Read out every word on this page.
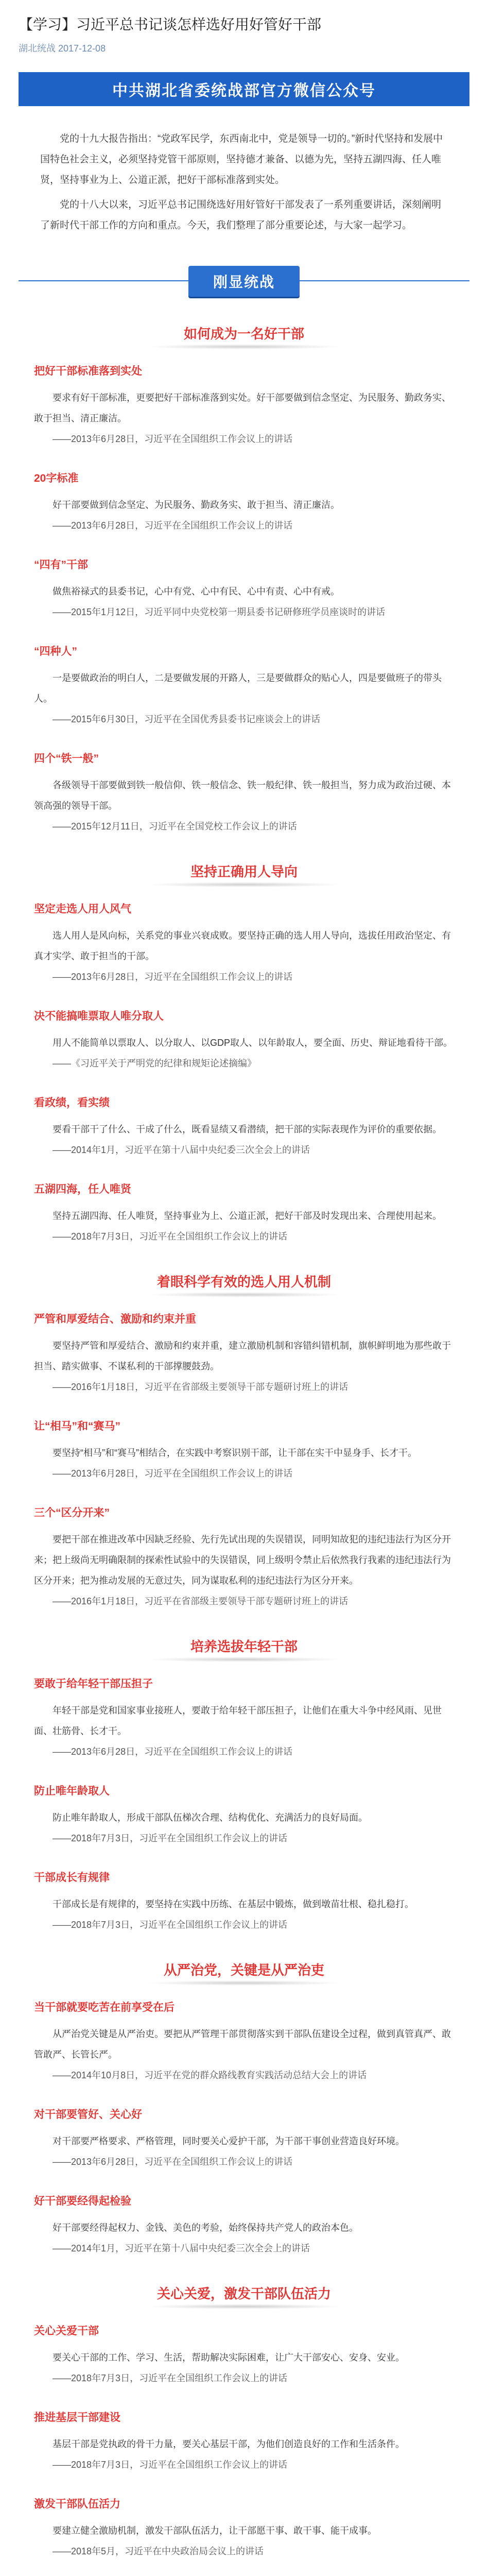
【学习】习近平总书记谈怎样选好用好管好干部
湖北统战 2017-12-08
中共湖北省委统战部官方微信公众号

党的十九大报告指出：“党政军民学，东西南北中，党是领导一切的。”新时代坚持和发展中国特色社会主义，必须坚持党管干部原则，坚持德才兼备、以德为先，坚持五湖四海、任人唯贤，坚持事业为上、公道正派，把好干部标准落到实处。

党的十八大以来，习近平总书记围绕选好用好管好干部发表了一系列重要讲话，深刻阐明了新时代干部工作的方向和重点。今天，我们整理了部分重要论述，与大家一起学习。

刚显统战
如何成为一名好干部
把好干部标准落到实处

要求有好干部标准，更要把好干部标准落到实处。好干部要做到信念坚定、为民服务、勤政务实、敢于担当、清正廉洁。

——2013年6月28日，习近平在全国组织工作会议上的讲话

20字标准

好干部要做到信念坚定、为民服务、勤政务实、敢于担当、清正廉洁。

——2013年6月28日，习近平在全国组织工作会议上的讲话

“四有”干部

做焦裕禄式的县委书记，心中有党、心中有民、心中有责、心中有戒。

——2015年1月12日，习近平同中央党校第一期县委书记研修班学员座谈时的讲话

“四种人”

一是要做政治的明白人，二是要做发展的开路人，三是要做群众的贴心人，四是要做班子的带头人。

——2015年6月30日，习近平在全国优秀县委书记座谈会上的讲话

四个“铁一般”

各级领导干部要做到铁一般信仰、铁一般信念、铁一般纪律、铁一般担当，努力成为政治过硬、本领高强的领导干部。

——2015年12月11日，习近平在全国党校工作会议上的讲话

坚持正确用人导向
坚定走选人用人风气

选人用人是风向标，关系党的事业兴衰成败。要坚持正确的选人用人导向，选拔任用政治坚定、有真才实学、敢于担当的干部。

——2013年6月28日，习近平在全国组织工作会议上的讲话

决不能搞唯票取人唯分取人

用人不能简单以票取人、以分取人、以GDP取人、以年龄取人，要全面、历史、辩证地看待干部。

——《习近平关于严明党的纪律和规矩论述摘编》

看政绩，看实绩

要看干部干了什么、干成了什么，既看显绩又看潜绩，把干部的实际表现作为评价的重要依据。

——2014年1月，习近平在第十八届中央纪委三次全会上的讲话

五湖四海，任人唯贤

坚持五湖四海、任人唯贤，坚持事业为上、公道正派，把好干部及时发现出来、合理使用起来。

——2018年7月3日，习近平在全国组织工作会议上的讲话

着眼科学有效的选人用人机制
严管和厚爱结合、激励和约束并重

要坚持严管和厚爱结合、激励和约束并重，建立激励机制和容错纠错机制，旗帜鲜明地为那些敢于担当、踏实做事、不谋私利的干部撑腰鼓劲。

——2016年1月18日，习近平在省部级主要领导干部专题研讨班上的讲话

让“相马”和“赛马”

要坚持“相马”和“赛马”相结合，在实践中考察识别干部，让干部在实干中显身手、长才干。

——2013年6月28日，习近平在全国组织工作会议上的讲话

三个“区分开来”

要把干部在推进改革中因缺乏经验、先行先试出现的失误错误，同明知故犯的违纪违法行为区分开来；把上级尚无明确限制的探索性试验中的失误错误，同上级明令禁止后依然我行我素的违纪违法行为区分开来；把为推动发展的无意过失，同为谋取私利的违纪违法行为区分开来。

——2016年1月18日，习近平在省部级主要领导干部专题研讨班上的讲话

培养选拔年轻干部
要敢于给年轻干部压担子

年轻干部是党和国家事业接班人，要敢于给年轻干部压担子，让他们在重大斗争中经风雨、见世面、壮筋骨、长才干。

——2013年6月28日，习近平在全国组织工作会议上的讲话

防止唯年龄取人

防止唯年龄取人，形成干部队伍梯次合理、结构优化、充满活力的良好局面。

——2018年7月3日，习近平在全国组织工作会议上的讲话

干部成长有规律

干部成长是有规律的，要坚持在实践中历练、在基层中锻炼，做到墩苗壮根、稳扎稳打。

——2018年7月3日，习近平在全国组织工作会议上的讲话

从严治党，关键是从严治吏
当干部就要吃苦在前享受在后

从严治党关键是从严治吏。要把从严管理干部贯彻落实到干部队伍建设全过程，做到真管真严、敢管敢严、长管长严。

——2014年10月8日，习近平在党的群众路线教育实践活动总结大会上的讲话

对干部要管好、关心好

对干部要严格要求、严格管理，同时要关心爱护干部，为干部干事创业营造良好环境。

——2013年6月28日，习近平在全国组织工作会议上的讲话

好干部要经得起检验

好干部要经得起权力、金钱、美色的考验，始终保持共产党人的政治本色。

——2014年1月，习近平在第十八届中央纪委三次全会上的讲话

关心关爱，激发干部队伍活力
关心关爱干部

要关心干部的工作、学习、生活，帮助解决实际困难，让广大干部安心、安身、安业。

——2018年7月3日，习近平在全国组织工作会议上的讲话

推进基层干部建设

基层干部是党执政的骨干力量，要关心基层干部，为他们创造良好的工作和生活条件。

——2018年7月3日，习近平在全国组织工作会议上的讲话

激发干部队伍活力

要建立健全激励机制，激发干部队伍活力，让干部愿干事、敢干事、能干成事。

——2018年5月，习近平在中央政治局会议上的讲话
